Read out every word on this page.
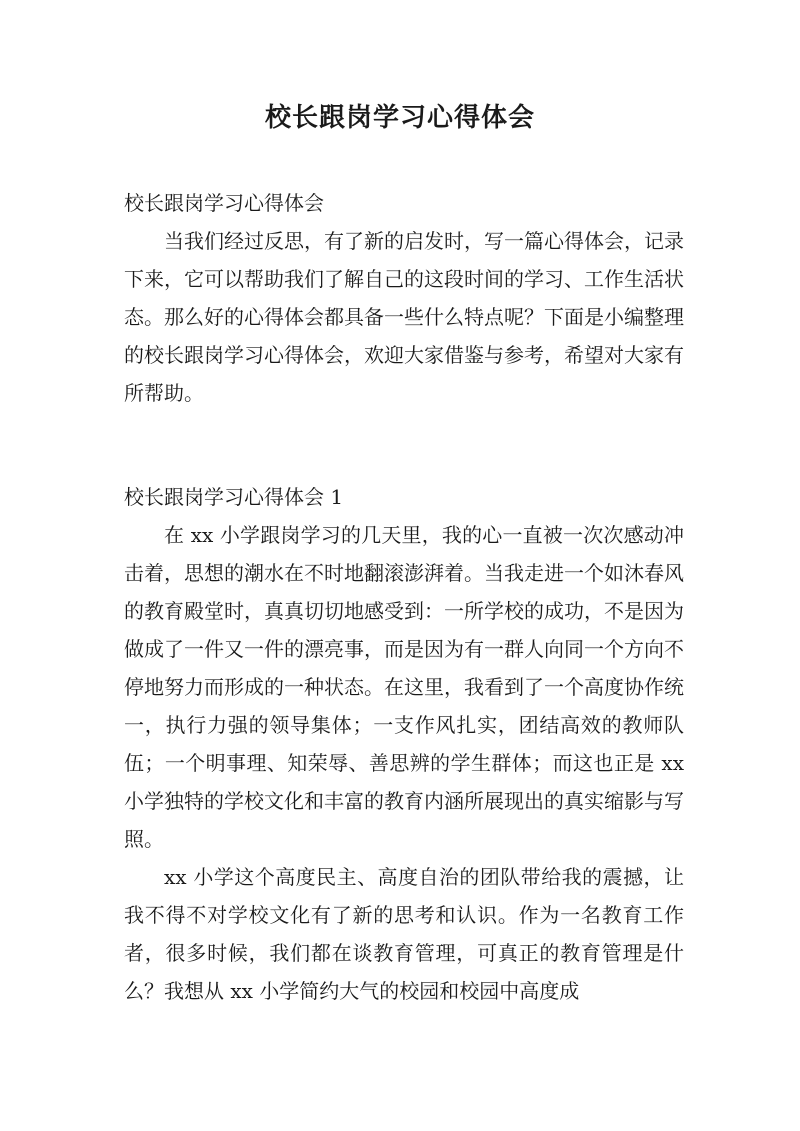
校长跟岗学习心得体会

校长跟岗学习心得体会

当我们经过反思，有了新的启发时，写一篇心得体会，记录下来，它可以帮助我们了解自己的这段时间的学习、工作生活状态。那么好的心得体会都具备一些什么特点呢？下面是小编整理的校长跟岗学习心得体会，欢迎大家借鉴与参考，希望对大家有所帮助。

校长跟岗学习心得体会 1

在 xx 小学跟岗学习的几天里，我的心一直被一次次感动冲击着，思想的潮水在不时地翻滚澎湃着。当我走进一个如沐春风的教育殿堂时，真真切切地感受到：一所学校的成功，不是因为做成了一件又一件的漂亮事，而是因为有一群人向同一个方向不停地努力而形成的一种状态。在这里，我看到了一个高度协作统一，执行力强的领导集体；一支作风扎实，团结高效的教师队伍；一个明事理、知荣辱、善思辨的学生群体；而这也正是 xx 小学独特的学校文化和丰富的教育内涵所展现出的真实缩影与写照。

xx 小学这个高度民主、高度自治的团队带给我的震撼，让我不得不对学校文化有了新的思考和认识。作为一名教育工作者，很多时候，我们都在谈教育管理，可真正的教育管理是什么？我想从 xx 小学简约大气的校园和校园中高度成
